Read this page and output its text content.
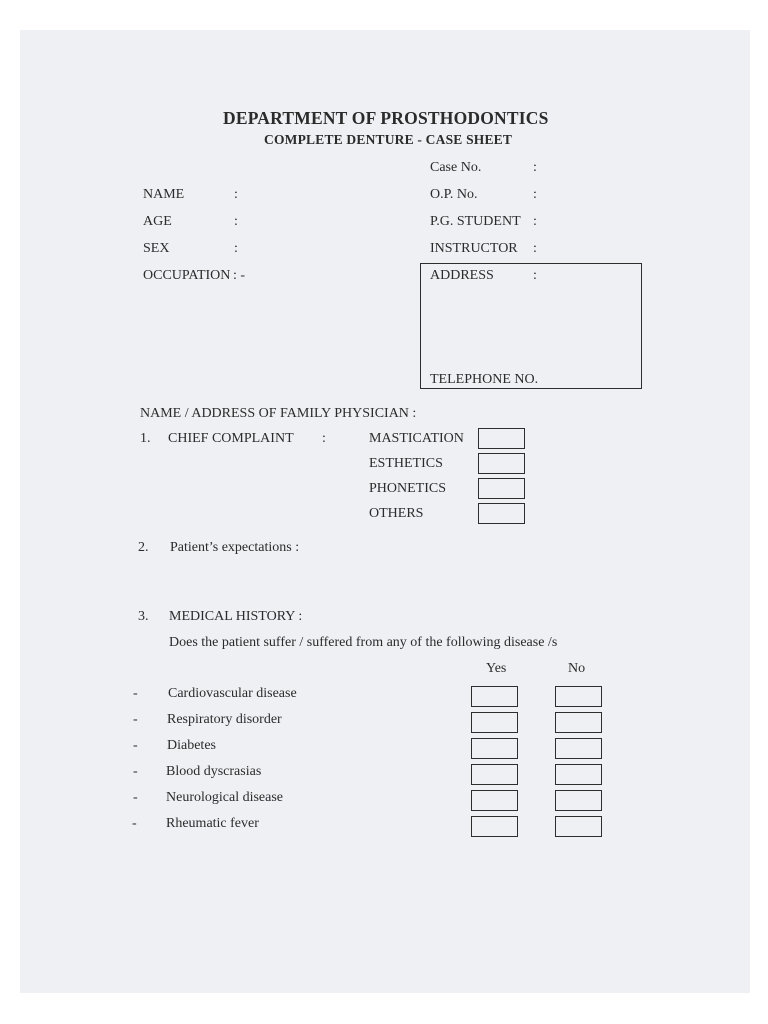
DEPARTMENT OF PROSTHODONTICS
COMPLETE DENTURE - CASE SHEET
Case No.	:
O.P. No.	:
P.G. STUDENT :
INSTRUCTOR :
NAME	:
AGE	:
SEX	:
OCCUPATION : -	ADDRESS	:
TELEPHONE NO.
NAME / ADDRESS OF FAMILY PHYSICIAN :
1. CHIEF COMPLAINT :	MASTICATION
ESTHETICS
PHONETICS
OTHERS
2. Patient’s expectations :
3. MEDICAL HISTORY :
Does the patient suffer / suffered from any of the following disease /s
Yes	No
- Cardiovascular disease
- Respiratory disorder
- Diabetes
- Blood dyscrasias
- Neurological disease
- Rheumatic fever
